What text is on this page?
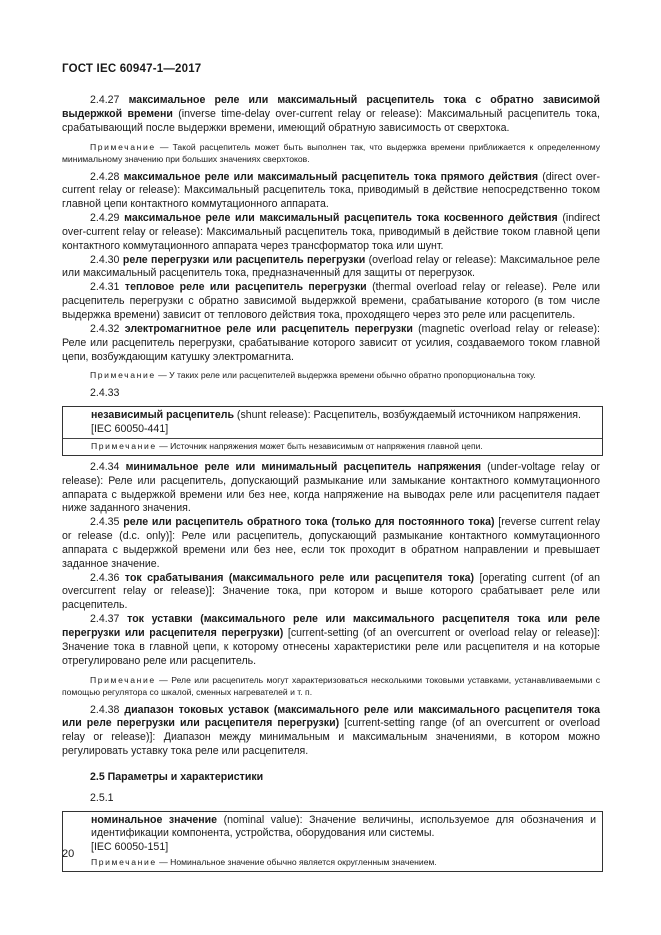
ГОСТ IEC 60947-1—2017

2.4.27 максимальное реле или максимальный расцепитель тока с обратно зависимой выдержкой времени (inverse time-delay over-current relay or release): Максимальный расцепитель тока, срабатывающий после выдержки времени, имеющий обратную зависимость от сверхтока.

Примечание — Такой расцепитель может быть выполнен так, что выдержка времени приближается к определенному минимальному значению при больших значениях сверхтоков.

2.4.28 максимальное реле или максимальный расцепитель тока прямого действия (direct over-current relay or release): Максимальный расцепитель тока, приводимый в действие непосредственно током главной цепи контактного коммутационного аппарата.

2.4.29 максимальное реле или максимальный расцепитель тока косвенного действия (indirect over-current relay or release): Максимальный расцепитель тока, приводимый в действие током главной цепи контактного коммутационного аппарата через трансформатор тока или шунт.

2.4.30 реле перегрузки или расцепитель перегрузки (overload relay or release): Максимальное реле или максимальный расцепитель тока, предназначенный для защиты от перегрузок.

2.4.31 тепловое реле или расцепитель перегрузки (thermal overload relay or release). Реле или расцепитель перегрузки с обратно зависимой выдержкой времени, срабатывание которого (в том числе выдержка времени) зависит от теплового действия тока, проходящего через это реле или расцепитель.

2.4.32 электромагнитное реле или расцепитель перегрузки (magnetic overload relay or release): Реле или расцепитель перегрузки, срабатывание которого зависит от усилия, создаваемого током главной цепи, возбуждающим катушку электромагнита.

Примечание — У таких реле или расцепителей выдержка времени обычно обратно пропорциональна току.

2.4.33

независимый расцепитель (shunt release): Расцепитель, возбуждаемый источником напряжения.

[IEC 60050-441]

Примечание — Источник напряжения может быть независимым от напряжения главной цепи.

2.4.34 минимальное реле или минимальный расцепитель напряжения (under-voltage relay or release): Реле или расцепитель, допускающий размыкание или замыкание контактного коммутационного аппарата с выдержкой времени или без нее, когда напряжение на выводах реле или расцепителя падает ниже заданного значения.

2.4.35 реле или расцепитель обратного тока (только для постоянного тока) [reverse current relay or release (d.c. only)]: Реле или расцепитель, допускающий размыкание контактного коммутационного аппарата с выдержкой времени или без нее, если ток проходит в обратном направлении и превышает заданное значение.

2.4.36 ток срабатывания (максимального реле или расцепителя тока) [operating current (of an overcurrent relay or release)]: Значение тока, при котором и выше которого срабатывает реле или расцепитель.

2.4.37 ток уставки (максимального реле или максимального расцепителя тока или реле перегрузки или расцепителя перегрузки) [current-setting (of an overcurrent or overload relay or release)]: Значение тока в главной цепи, к которому отнесены характеристики реле или расцепителя и на которые отрегулировано реле или расцепитель.

Примечание — Реле или расцепитель могут характеризоваться несколькими токовыми уставками, устанавливаемыми с помощью регулятора со шкалой, сменных нагревателей и т. п.

2.4.38 диапазон токовых уставок (максимального реле или максимального расцепителя тока или реле перегрузки или расцепителя перегрузки) [current-setting range (of an overcurrent or overload relay or release)]: Диапазон между минимальным и максимальным значениями, в котором можно регулировать уставку тока реле или расцепителя.

2.5 Параметры и характеристики

2.5.1

номинальное значение (nominal value): Значение величины, используемое для обозначения и идентификации компонента, устройства, оборудования или системы.

[IEC 60050-151]

Примечание — Номинальное значение обычно является округленным значением.

20
